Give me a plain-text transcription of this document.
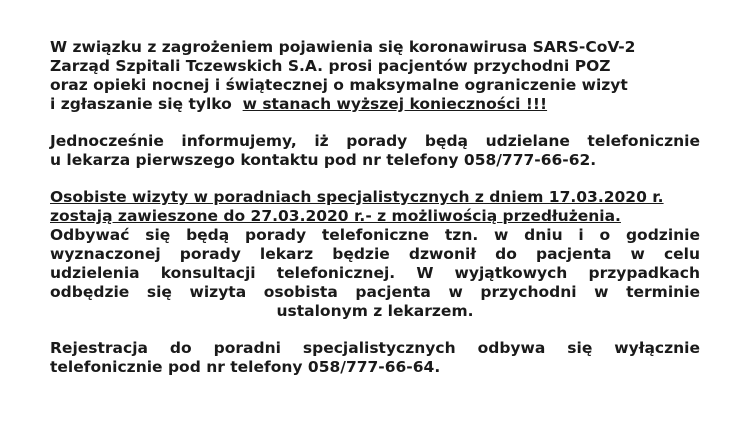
W związku z zagrożeniem pojawienia się koronawirusa SARS-CoV-2
Zarząd Szpitali Tczewskich S.A. prosi pacjentów przychodni POZ
oraz opieki nocnej i świątecznej o maksymalne ograniczenie wizyt
i zgłaszanie się tylko  w stanach wyższej konieczności !!!
Jednocześnie informujemy, iż porady będą udzielane telefonicznie
u lekarza pierwszego kontaktu pod nr telefony 058/777-66-62.
Osobiste wizyty w poradniach specjalistycznych z dniem 17.03.2020 r.
zostają zawieszone do 27.03.2020 r.- z możliwością przedłużenia.
Odbywać się będą porady telefoniczne tzn. w dniu i o godzinie
wyznaczonej porady lekarz będzie dzwonił do pacjenta w celu
udzielenia konsultacji telefonicznej. W wyjątkowych przypadkach
odbędzie się wizyta osobista pacjenta w przychodni w terminie
ustalonym z lekarzem.
Rejestracja do poradni specjalistycznych odbywa się wyłącznie
telefonicznie pod nr telefony 058/777-66-64.
